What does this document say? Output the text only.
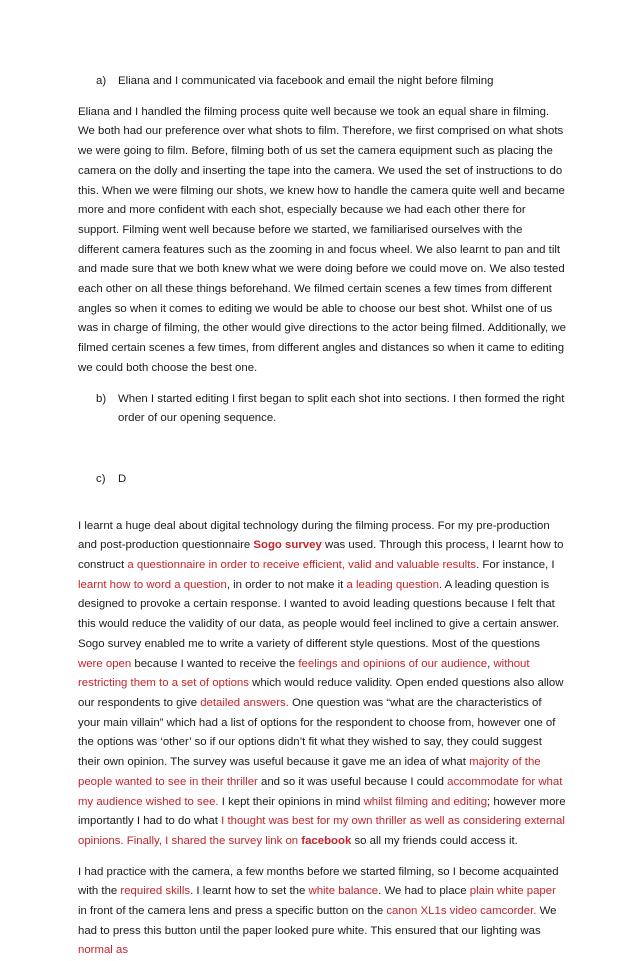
a)	Eliana and I communicated via facebook and email the night before filming

Eliana and I handled the filming process quite well because we took an equal share in filming. We both had our preference over what shots to film. Therefore, we first comprised on what shots we were going to film. Before, filming both of us set the camera equipment such as placing the camera on the dolly and inserting the tape into the camera. We used the set of instructions to do this. When we were filming our shots, we knew how to handle the camera quite well and became more and more confident with each shot, especially because we had each other there for support. Filming went well because before we started, we familiarised ourselves with the different camera features such as the zooming in and focus wheel. We also learnt to pan and tilt and made sure that we both knew what we were doing before we could move on. We also tested each other on all these things beforehand. We filmed certain scenes a few times from different angles so when it comes to editing we would be able to choose our best shot. Whilst one of us was in charge of filming, the other would give directions to the actor being filmed. Additionally, we filmed certain scenes a few times, from different angles and distances so when it came to editing we could both choose the best one.

b)	When I started editing I first began to split each shot into sections. I then formed the right order of our opening sequence.
c)	D

I learnt a huge deal about digital technology during the filming process. For my pre-production and post-production questionnaire Sogo survey was used. Through this process, I learnt how to construct a questionnaire in order to receive efficient, valid and valuable results. For instance, I learnt how to word a question, in order to not make it a leading question. A leading question is designed to provoke a certain response. I wanted to avoid leading questions because I felt that this would reduce the validity of our data, as people would feel inclined to give a certain answer. Sogo survey enabled me to write a variety of different style questions. Most of the questions were open because I wanted to receive the feelings and opinions of our audience, without restricting them to a set of options which would reduce validity. Open ended questions also allow our respondents to give detailed answers. One question was “what are the characteristics of your main villain” which had a list of options for the respondent to choose from, however one of the options was ‘other’ so if our options didn’t fit what they wished to say, they could suggest their own opinion. The survey was useful because it gave me an idea of what majority of the people wanted to see in their thriller and so it was useful because I could accommodate for what my audience wished to see. I kept their opinions in mind whilst filming and editing; however more importantly I had to do what I thought was best for my own thriller as well as considering external opinions. Finally, I shared the survey link on facebook so all my friends could access it.

I had practice with the camera, a few months before we started filming, so I become acquainted with the required skills. I learnt how to set the white balance. We had to place plain white paper in front of the camera lens and press a specific button on the canon XL1s video camcorder. We had to press this button until the paper looked pure white. This ensured that our lighting was normal as
